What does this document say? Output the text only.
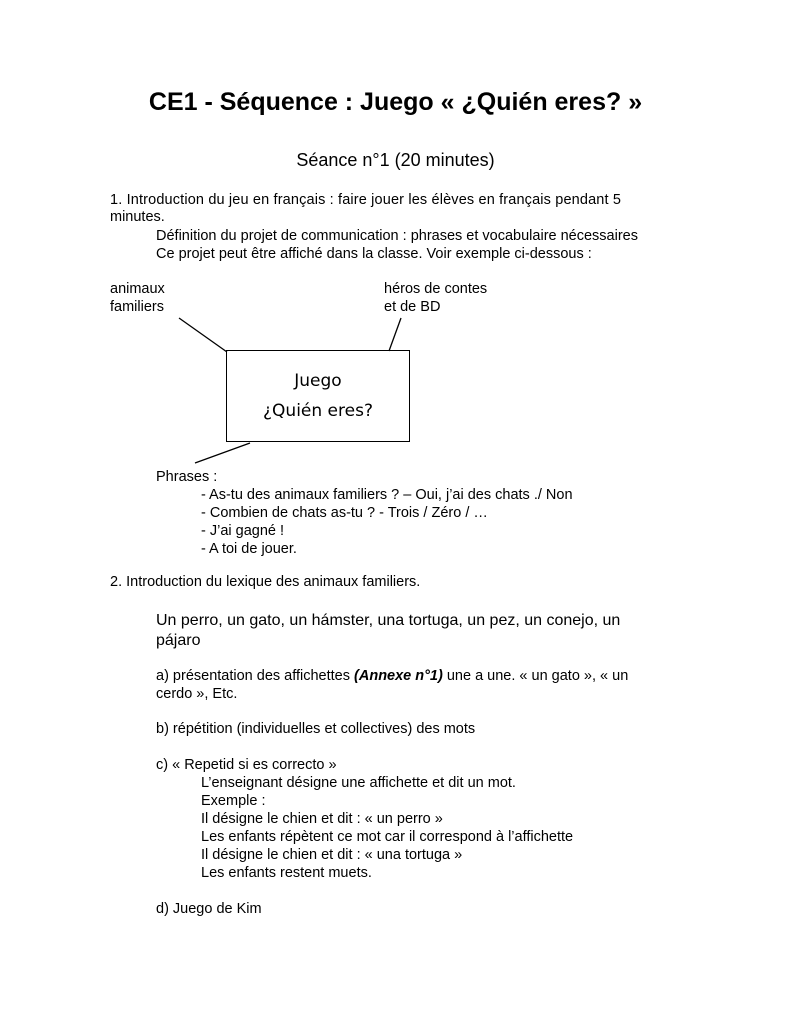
CE1 - Séquence : Juego « ¿Quién eres? »
Séance n°1 (20 minutes)
1. Introduction du jeu en français : faire jouer les élèves en français pendant 5
minutes.
Définition du projet de communication : phrases et vocabulaire nécessaires
Ce projet peut être affiché dans la classe. Voir exemple ci-dessous :
animaux
familiers
héros de contes
et de BD
Juego
¿Quién eres?
Phrases :
- As-tu des animaux familiers ? – Oui, j’ai des chats ./ Non
- Combien de chats as-tu ? - Trois / Zéro / …
- J’ai gagné !
- A toi de jouer.
2. Introduction du lexique des animaux familiers.
Un perro, un gato, un hámster, una tortuga, un pez, un conejo, un
pájaro
a) présentation des affichettes (Annexe n°1) une a une. « un gato », « un
cerdo », Etc.
b) répétition (individuelles et collectives) des mots
c) « Repetid si es correcto »
L’enseignant désigne une affichette et dit un mot.
Exemple :
Il désigne le chien et dit : « un perro »
Les enfants répètent ce mot car il correspond à l’affichette
Il désigne le chien et dit : « una tortuga »
Les enfants restent muets.
d) Juego de Kim
